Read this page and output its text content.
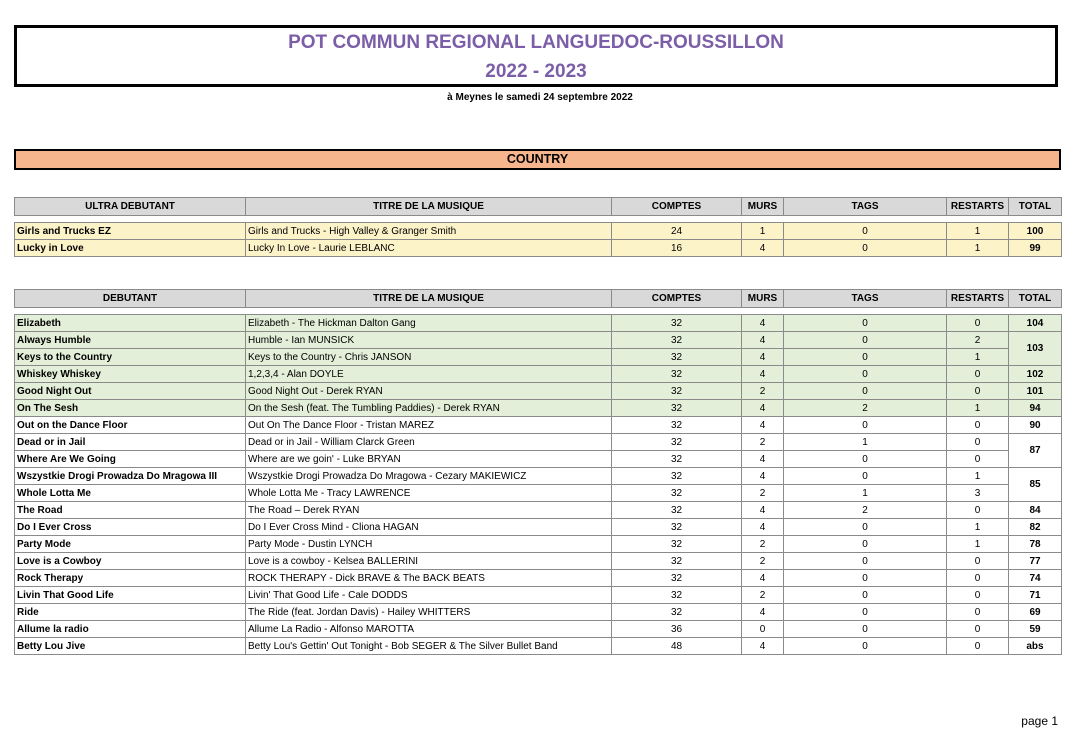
POT COMMUN REGIONAL LANGUEDOC-ROUSSILLON
2022 - 2023
à Meynes le samedi 24 septembre 2022
COUNTRY
ULTRA DEBUTANT	TITRE DE LA MUSIQUE	COMPTES	MURS	TAGS	RESTARTS	TOTAL

Girls and Trucks EZ	Girls and Trucks - High Valley & Granger Smith	24	1	0	1	100
Lucky in Love	Lucky In Love - Laurie LEBLANC	16	4	0	1	99
DEBUTANT	TITRE DE LA MUSIQUE	COMPTES	MURS	TAGS	RESTARTS	TOTAL

Elizabeth	Elizabeth - The Hickman Dalton Gang	32	4	0	0	104
Always Humble	Humble - Ian MUNSICK	32	4	0	2	103
Keys to the Country	Keys to the Country - Chris JANSON	32	4	0	1	
Whiskey Whiskey	1,2,3,4 - Alan DOYLE	32	4	0	0	102
Good Night Out	Good Night Out - Derek RYAN	32	2	0	0	101
On The Sesh	On the Sesh (feat. The Tumbling Paddies) - Derek RYAN	32	4	2	1	94
Out on the Dance Floor	Out On The Dance Floor - Tristan MAREZ	32	4	0	0	90
Dead or in Jail	Dead or in Jail - William Clarck Green	32	2	1	0	87
Where Are We Going	Where are we goin' - Luke BRYAN	32	4	0	0	
Wszystkie Drogi Prowadza Do Mragowa III	Wszystkie Drogi Prowadza Do Mragowa - Cezary MAKIEWICZ	32	4	0	1	85
Whole Lotta Me	Whole Lotta Me - Tracy LAWRENCE	32	2	1	3	
The Road	The Road – Derek RYAN	32	4	2	0	84
Do I Ever Cross	Do I Ever Cross Mind - Cliona HAGAN	32	4	0	1	82
Party Mode	Party Mode - Dustin LYNCH	32	2	0	1	78
Love is a Cowboy	Love is a cowboy - Kelsea BALLERINI	32	2	0	0	77
Rock Therapy	ROCK THERAPY - Dick BRAVE & The BACK BEATS	32	4	0	0	74
Livin That Good Life	Livin' That Good Life - Cale DODDS	32	2	0	0	71
Ride	The Ride (feat. Jordan Davis) - Hailey WHITTERS	32	4	0	0	69
Allume la radio	Allume La Radio - Alfonso MAROTTA	36	0	0	0	59
Betty Lou Jive	Betty Lou's Gettin' Out Tonight - Bob SEGER & The Silver Bullet Band	48	4	0	0	abs
page 1
